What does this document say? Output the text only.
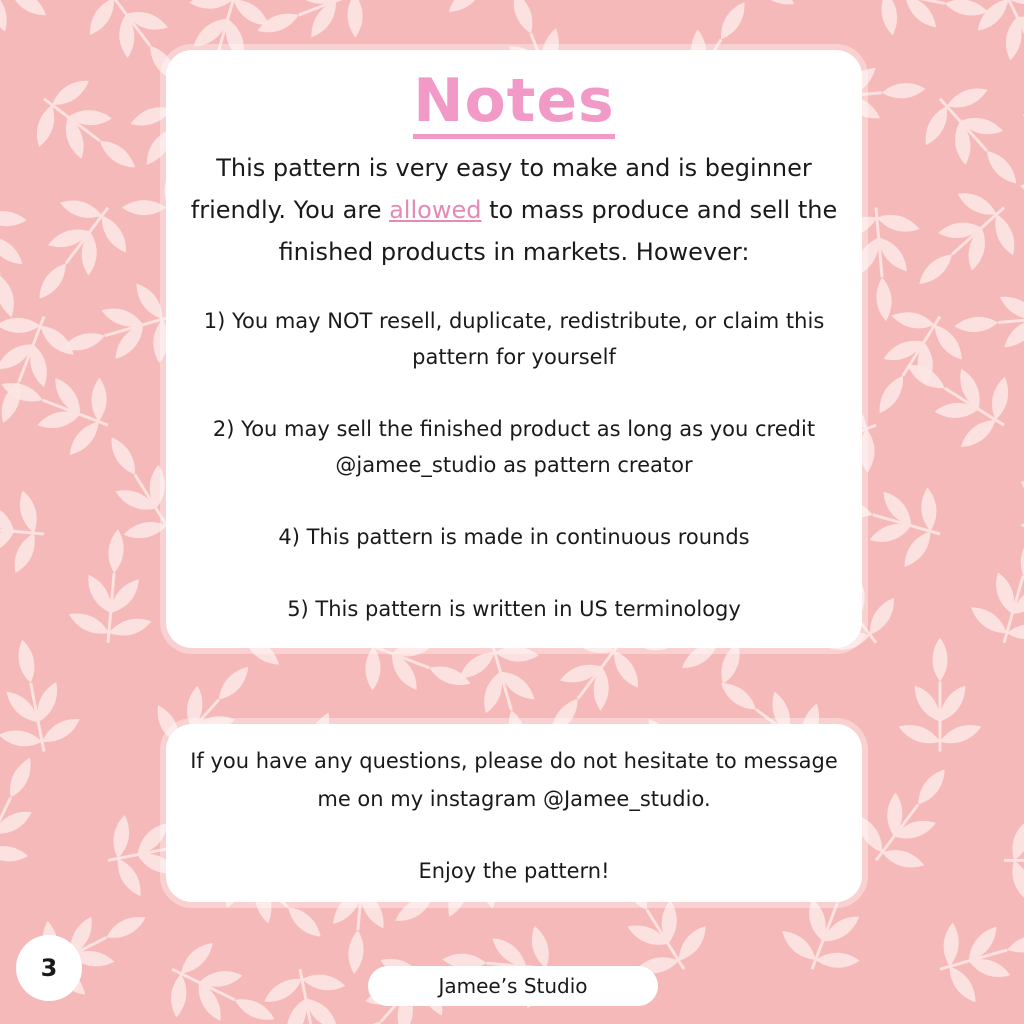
Notes

This pattern is very easy to make and is beginner friendly. You are allowed to mass produce and sell the finished products in markets. However:

1) You may NOT resell, duplicate, redistribute, or claim this pattern for yourself

2) You may sell the finished product as long as you credit @jamee_studio as pattern creator

4) This pattern is made in continuous rounds

5) This pattern is written in US terminology

If you have any questions, please do not hesitate to message me on my instagram @Jamee_studio.

Enjoy the pattern!

3
Jamee’s Studio
